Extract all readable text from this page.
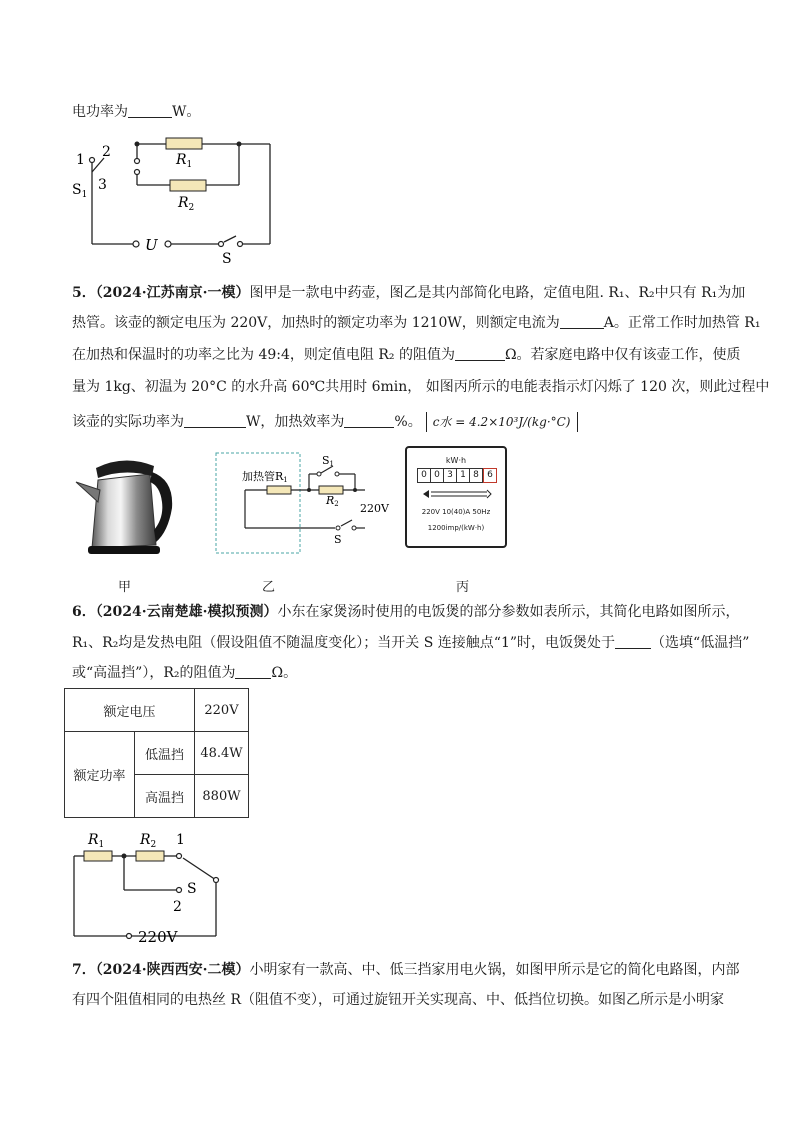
电功率为	W。
1 2
3
$S_1$
$R_1$
$R_2$
U
S
5．（2024·江苏南京·一模）图甲是一款电中药壶，图乙是其内部简化电路，定值电阻. R₁、R₂中只有 R₁为加
热管。该壶的额定电压为 220V，加热时的额定功率为 1210W，则额定电流为	A。正常工作时加热管 R₁
在加热和保温时的功率之比为 49:4，则定值电阻 R₂ 的阻值为	Ω。若家庭电路中仅有该壶工作，使质
量为 1kg、初温为 20°C 的水升高 60℃共用时 6min， 如图丙所示的电能表指示灯闪烁了 120 次，则此过程中
该壶的实际功率为	W，加热效率为	%。 c水 = 4.2×10³J/(kg·°C)
加热管R1
S1
R2 220V
S
kW·h
0 0 3 1 8 6
220V 10(40)A 50Hz
1200imp/(kW·h)
甲	乙	丙
6．（2024·云南楚雄·模拟预测）小东在家煲汤时使用的电饭煲的部分参数如表所示，其简化电路如图所示，
R₁、R₂均是发热电阻（假设阻值不随温度变化）；当开关 S 连接触点“1”时，电饭煲处于	（选填“低温挡”
或“高温挡”），R₂的阻值为	Ω。
额定电压		220V
额定功率	低温挡	48.4W
	高温挡	880W
$R_1$	$R_2$ 1
2
S
220V
7．（2024·陕西西安·二模）小明家有一款高、中、低三挡家用电火锅，如图甲所示是它的简化电路图，内部
有四个阻值相同的电热丝 R（阻值不变），可通过旋钮开关实现高、中、低挡位切换。如图乙所示是小明家
